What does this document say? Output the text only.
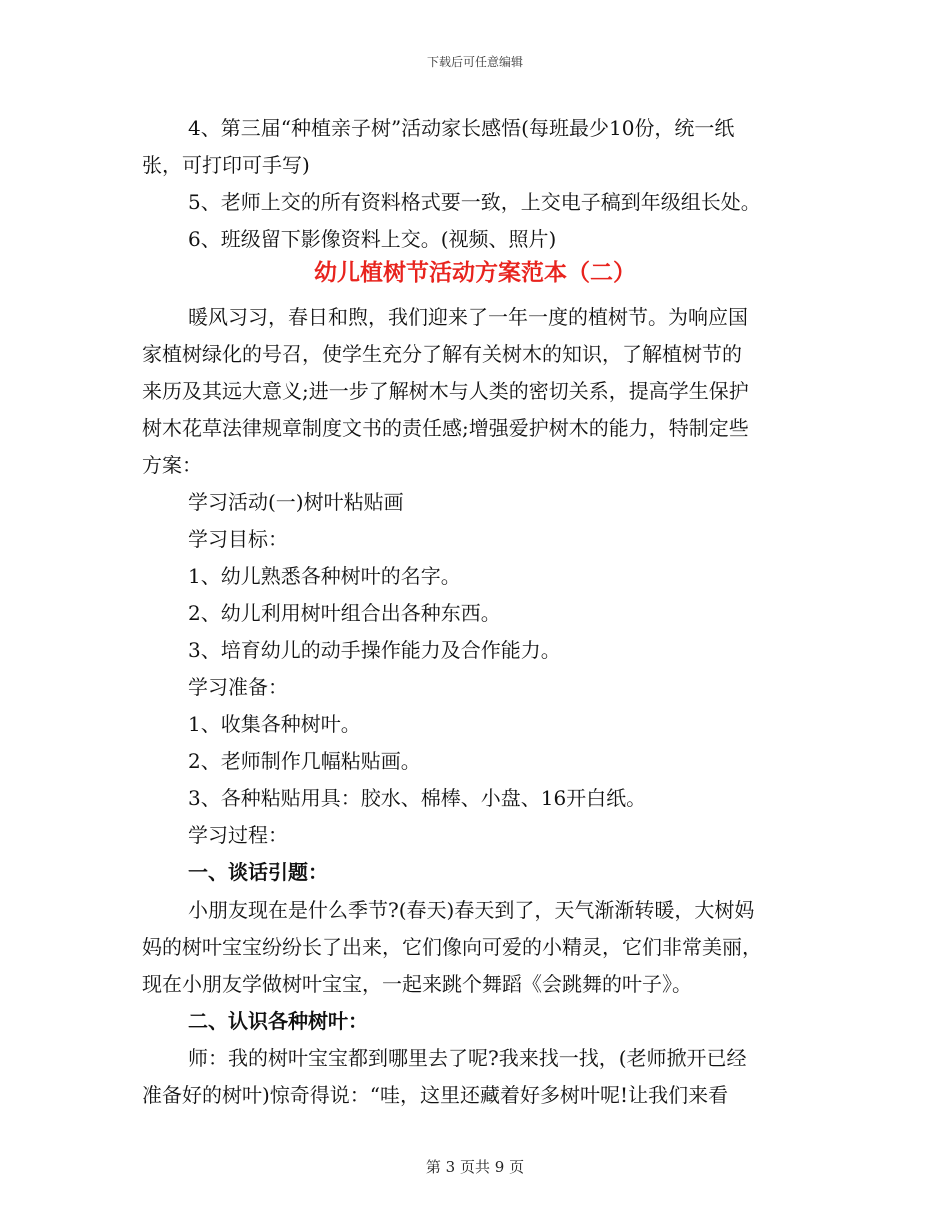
下载后可任意编辑
4、第三届“种植亲子树”活动家长感悟(每班最少10份，统一纸
张，可打印可手写)
5、老师上交的所有资料格式要一致，上交电子稿到年级组长处。
6、班级留下影像资料上交。(视频、照片)
幼儿植树节活动方案范本（二）
暖风习习，春日和煦，我们迎来了一年一度的植树节。为响应国
家植树绿化的号召，使学生充分了解有关树木的知识，了解植树节的
来历及其远大意义;进一步了解树木与人类的密切关系，提高学生保护
树木花草法律规章制度文书的责任感;增强爱护树木的能力，特制定些
方案：
学习活动(一)树叶粘贴画
学习目标：
1、幼儿熟悉各种树叶的名字。
2、幼儿利用树叶组合出各种东西。
3、培育幼儿的动手操作能力及合作能力。
学习准备：
1、收集各种树叶。
2、老师制作几幅粘贴画。
3、各种粘贴用具：胶水、棉棒、小盘、16开白纸。
学习过程：
一、谈话引题：
小朋友现在是什么季节?(春天)春天到了，天气渐渐转暖，大树妈
妈的树叶宝宝纷纷长了出来，它们像向可爱的小精灵，它们非常美丽，
现在小朋友学做树叶宝宝，一起来跳个舞蹈《会跳舞的叶子》。
二、认识各种树叶：
师：我的树叶宝宝都到哪里去了呢?我来找一找，(老师掀开已经
准备好的树叶)惊奇得说：“哇，这里还藏着好多树叶呢!让我们来看
第 3 页共 9 页
